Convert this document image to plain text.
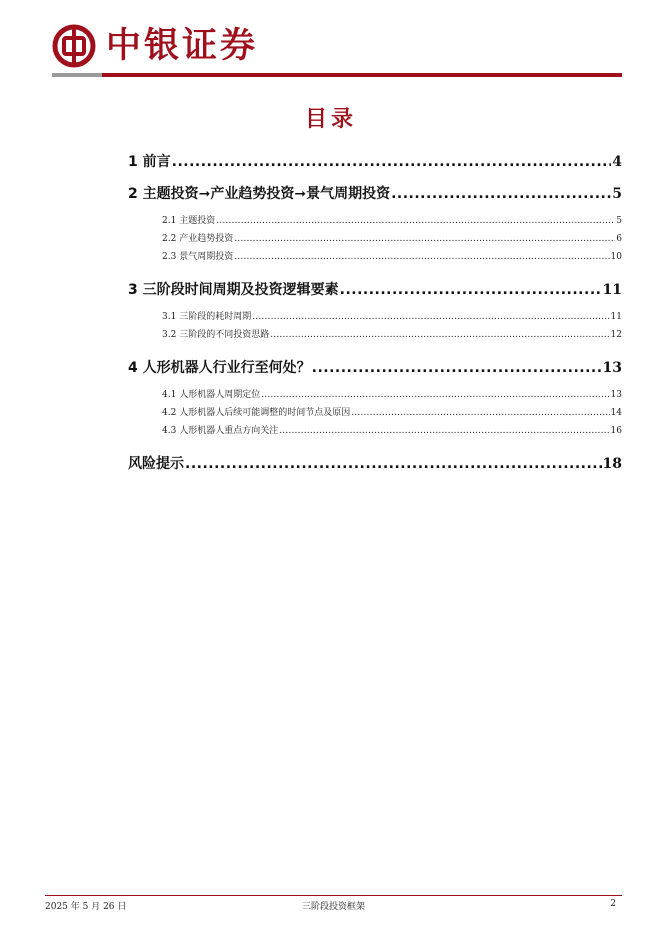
中银证券
目录
1 前言 .....	4
2 主题投资➞产业趋势投资➞景气周期投资 .....	5
2.1 主题投资 .....	5
2.2 产业趋势投资 .....	6
2.3 景气周期投资 .....	10
3 三阶段时间周期及投资逻辑要素 .....	11
3.1 三阶段的耗时周期 .....	11
3.2 三阶段的不同投资思路 .....	12
4 人形机器人行业行至何处？ .....	13
4.1 人形机器人周期定位 .....	13
4.2 人形机器人后续可能调整的时间节点及原因 .....	14
4.3 人形机器人重点方向关注 .....	16
风险提示 .....	18
2025 年 5 月 26 日	三阶段投资框架	2
